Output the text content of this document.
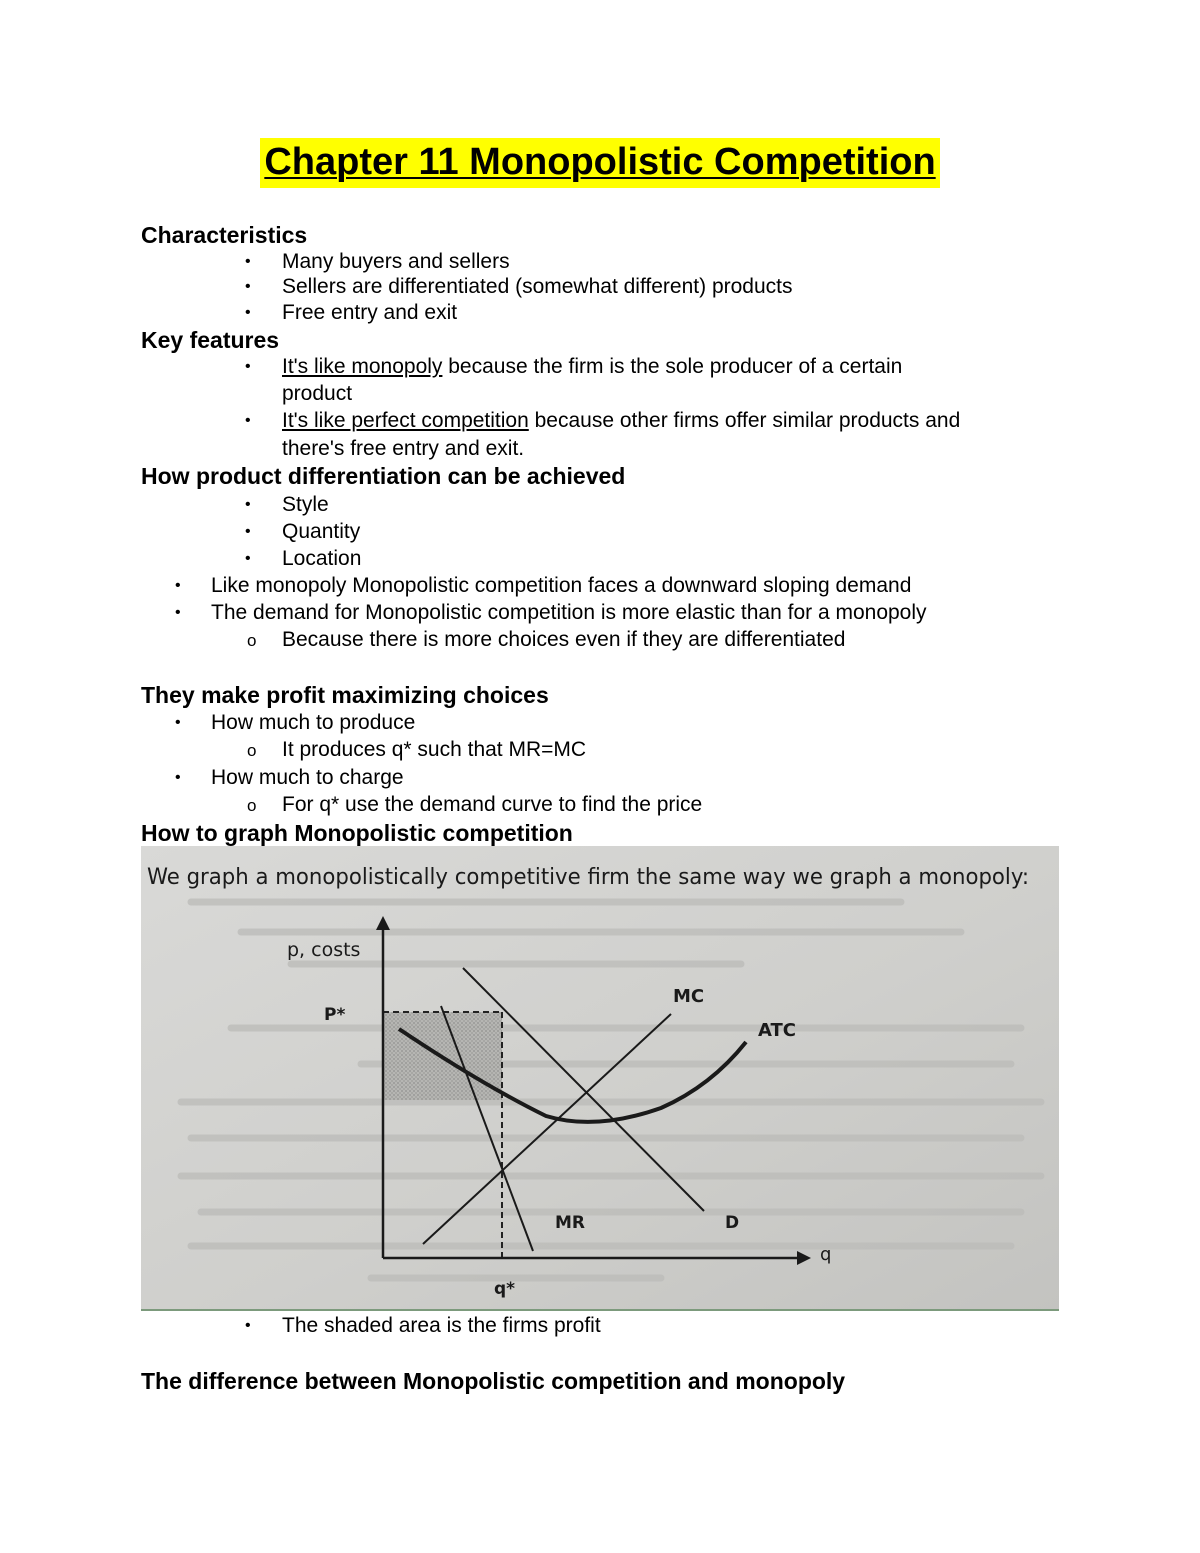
Chapter 11 Monopolistic Competition
Characteristics
• Many buyers and sellers
• Sellers are differentiated (somewhat different) products
• Free entry and exit
Key features
• It's like monopoly because the firm is the sole producer of a certain
product
• It's like perfect competition because other firms offer similar products and
there's free entry and exit.
How product differentiation can be achieved
• Style
• Quantity
• Location
• Like monopoly Monopolistic competition faces a downward sloping demand
• The demand for Monopolistic competition is more elastic than for a monopoly
o Because there is more choices even if they are differentiated
They make profit maximizing choices
• How much to produce
o It produces q* such that MR=MC
• How much to charge
o For q* use the demand curve to find the price
How to graph Monopolistic competition
We graph a monopolistically competitive firm the same way we graph a monopoly:
p, costs
P*
MC
ATC
MR	D
q
q*
• The shaded area is the firms profit
The difference between Monopolistic competition and monopoly
